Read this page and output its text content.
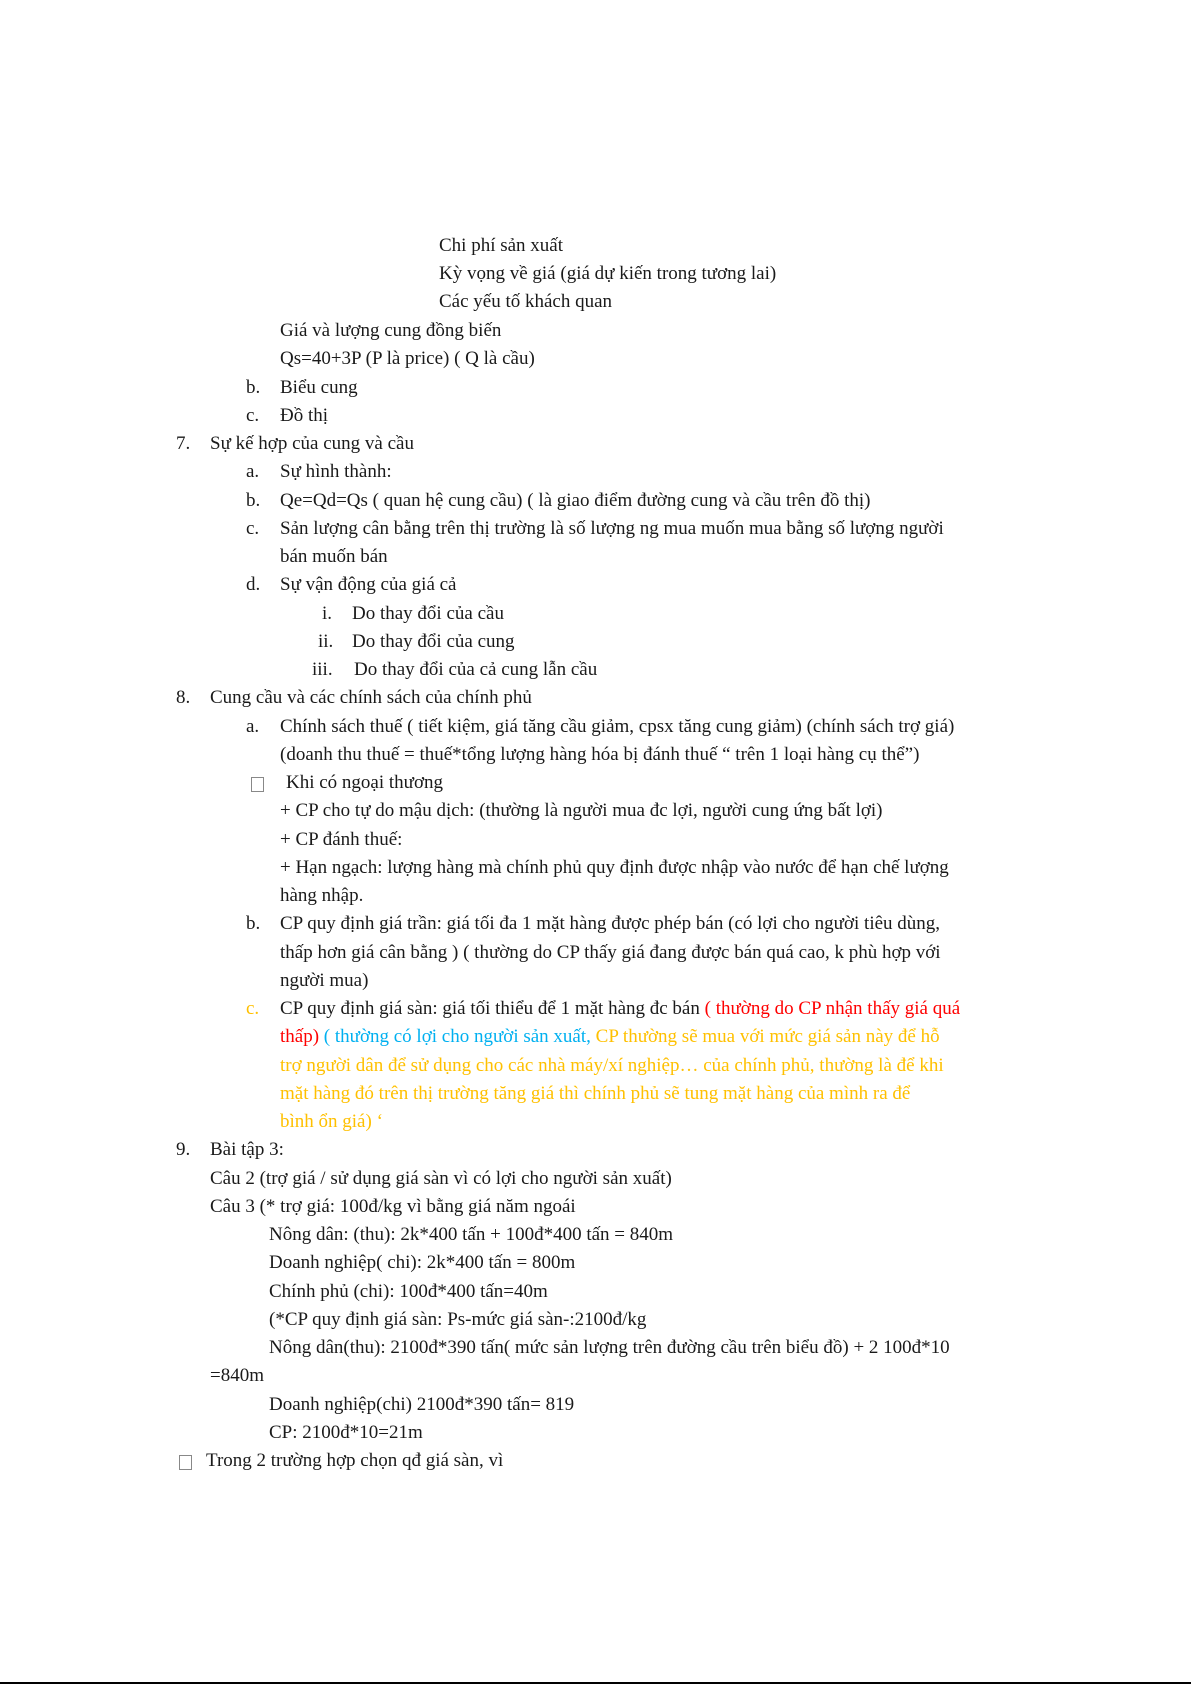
Chi phí sản xuất
Kỳ vọng về giá (giá dự kiến trong tương lai)
Các yếu tố khách quan
Giá và lượng cung đồng biến
Qs=40+3P (P là price) ( Q là cầu)
b. Biểu cung
c. Đồ thị
7. Sự kế hợp của cung và cầu
a. Sự hình thành:
b. Qe=Qd=Qs ( quan hệ cung cầu) ( là giao điểm đường cung và cầu trên đồ thị)
c. Sản lượng cân bằng trên thị trường là số lượng ng mua muốn mua bằng số lượng người
bán muốn bán
d. Sự vận động của giá cả
i. Do thay đổi của cầu
ii. Do thay đổi của cung
iii. Do thay đổi của cả cung lẫn cầu
8. Cung cầu và các chính sách của chính phủ
a. Chính sách thuế ( tiết kiệm, giá tăng cầu giảm, cpsx tăng cung giảm) (chính sách trợ giá)
(doanh thu thuế = thuế*tổng lượng hàng hóa bị đánh thuế “ trên 1 loại hàng cụ thể”)
Khi có ngoại thương
+ CP cho tự do mậu dịch: (thường là người mua đc lợi, người cung ứng bất lợi)
+ CP đánh thuế:
+ Hạn ngạch: lượng hàng mà chính phủ quy định được nhập vào nước để hạn chế lượng
hàng nhập.
b. CP quy định giá trần: giá tối đa 1 mặt hàng được phép bán (có lợi cho người tiêu dùng,
thấp hơn giá cân bằng ) ( thường do CP thấy giá đang được bán quá cao, k phù hợp với
người mua)
c. CP quy định giá sàn: giá tối thiểu để 1 mặt hàng đc bán ( thường do CP nhận thấy giá quá
thấp) ( thường có lợi cho người sản xuất, CP thường sẽ mua với mức giá sản này để hỗ
trợ người dân để sử dụng cho các nhà máy/xí nghiệp… của chính phủ, thường là để khi
mặt hàng đó trên thị trường tăng giá thì chính phủ sẽ tung mặt hàng của mình ra để
bình ổn giá) ‘
9. Bài tập 3:
Câu 2 (trợ giá / sử dụng giá sàn vì có lợi cho người sản xuất)
Câu 3 (* trợ giá: 100đ/kg vì bằng giá năm ngoái
Nông dân: (thu): 2k*400 tấn + 100đ*400 tấn = 840m
Doanh nghiệp( chi): 2k*400 tấn = 800m
Chính phủ (chi): 100đ*400 tấn=40m
(*CP quy định giá sàn: Ps-mức giá sàn-:2100đ/kg
Nông dân(thu): 2100đ*390 tấn( mức sản lượng trên đường cầu trên biểu đồ) + 2 100đ*10
=840m
Doanh nghiệp(chi) 2100đ*390 tấn= 819
CP: 2100đ*10=21m
Trong 2 trường hợp chọn qđ giá sàn, vì
